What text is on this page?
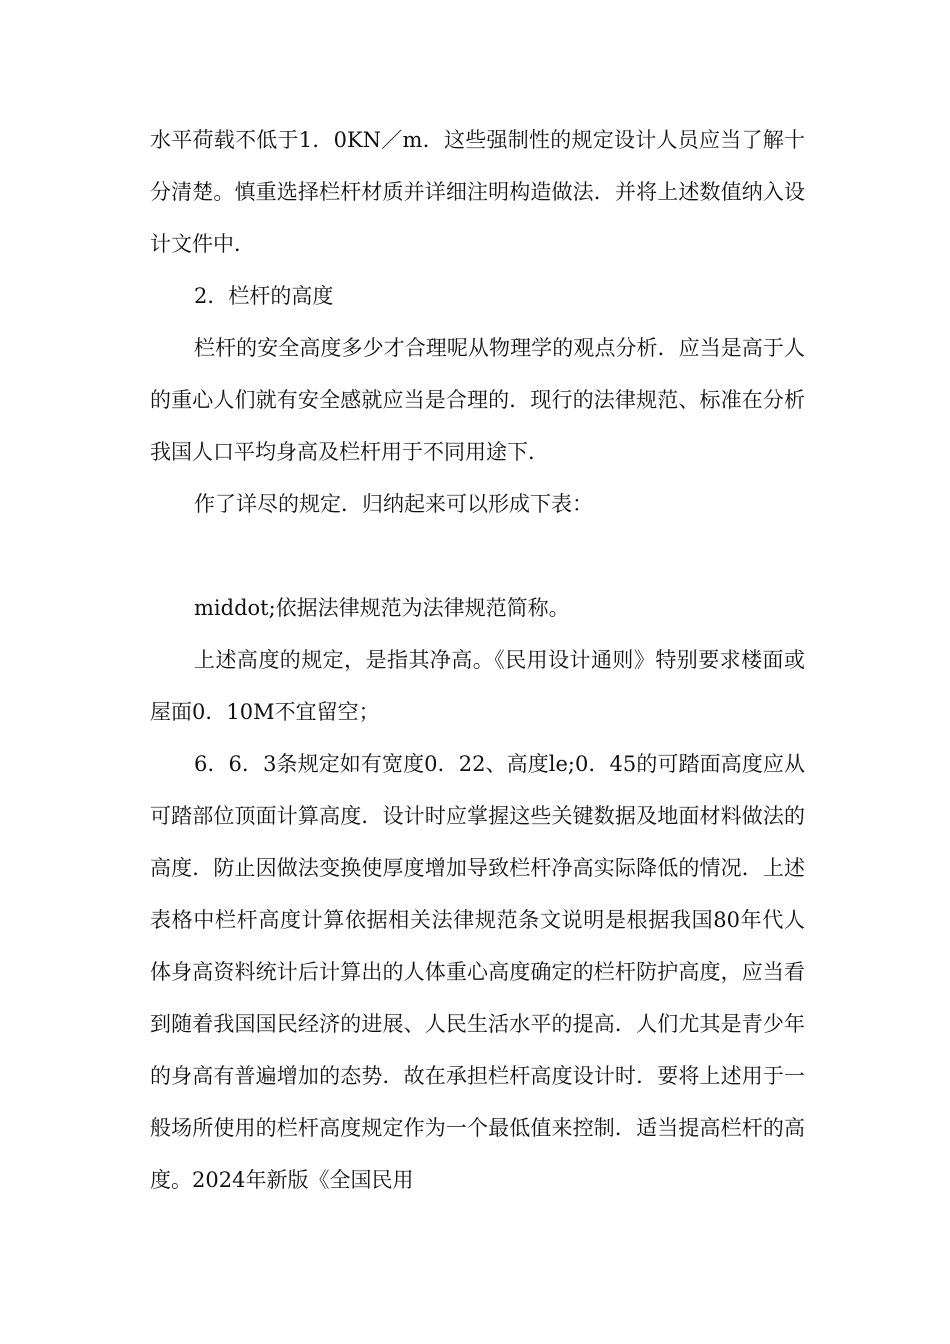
水平荷载不低于1．0KN／m．这些强制性的规定设计人员应当了解十分清楚。慎重选择栏杆材质并详细注明构造做法．并将上述数值纳入设计文件中．

2．栏杆的高度

栏杆的安全高度多少才合理呢从物理学的观点分析．应当是高于人的重心人们就有安全感就应当是合理的．现行的法律规范、标准在分析我国人口平均身高及栏杆用于不同用途下．

作了详尽的规定．归纳起来可以形成下表：

middot;依据法律规范为法律规范简称。

上述高度的规定，是指其净高。《民用设计通则》特别要求楼面或屋面0．10M不宜留空；

6．6．3条规定如有宽度0．22、高度le;0．45的可踏面高度应从可踏部位顶面计算高度．设计时应掌握这些关键数据及地面材料做法的高度．防止因做法变换使厚度增加导致栏杆净高实际降低的情况．上述表格中栏杆高度计算依据相关法律规范条文说明是根据我国80年代人体身高资料统计后计算出的人体重心高度确定的栏杆防护高度，应当看到随着我国国民经济的进展、人民生活水平的提高．人们尤其是青少年的身高有普遍增加的态势．故在承担栏杆高度设计时．要将上述用于一般场所使用的栏杆高度规定作为一个最低值来控制．适当提高栏杆的高度。2024年新版《全国民用
